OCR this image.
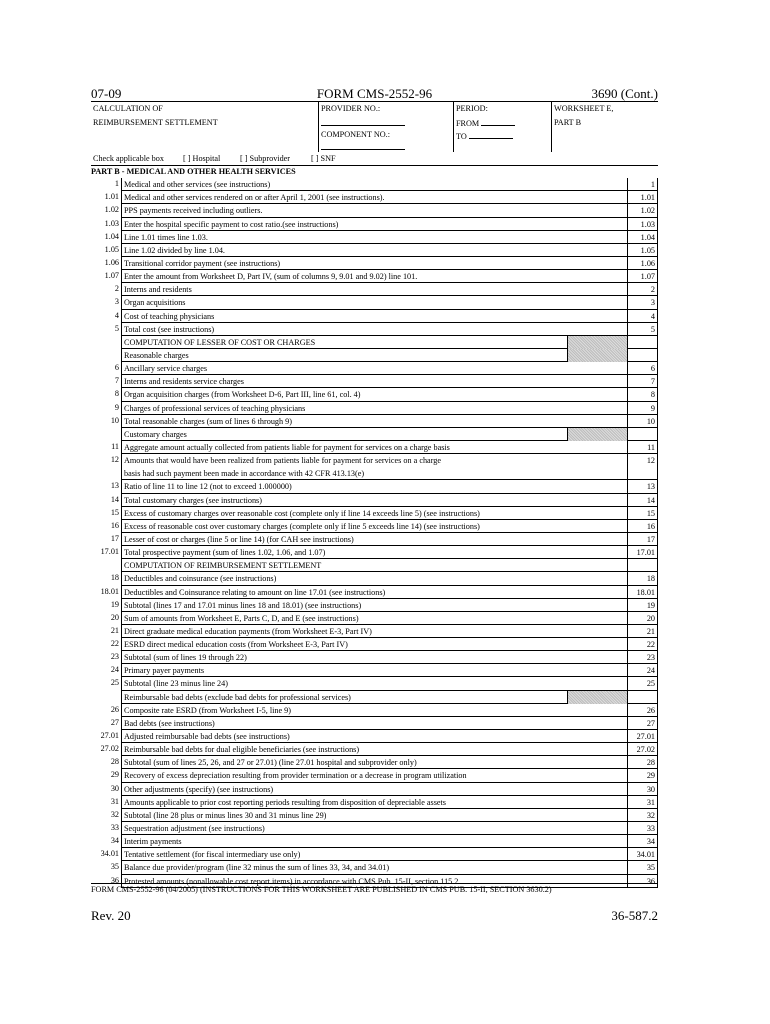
07-09	FORM CMS-2552-96	3690 (Cont.)
CALCULATION OF
REIMBURSEMENT SETTLEMENT
PROVIDER NO.:
COMPONENT NO.:
PERIOD:
FROM
TO
WORKSHEET E,
PART B
Check applicable box [ ] Hospital [ ] Subprovider	[ ] SNF
PART B - MEDICAL AND OTHER HEALTH SERVICES
1 Medical and other services (see instructions)	1
1.01 Medical and other services rendered on or after April 1, 2001 (see instructions).	1.01
1.02 PPS payments received including outliers.	1.02
1.03 Enter the hospital specific payment to cost ratio.(see instructions)	1.03
1.04 Line 1.01 times line 1.03.	1.04
1.05 Line 1.02 divided by line 1.04.	1.05
1.06 Transitional corridor payment (see instructions)	1.06
1.07 Enter the amount from Worksheet D, Part IV, (sum of columns 9, 9.01 and 9.02) line 101.	1.07
2 Interns and residents	2
3 Organ acquisitions	3
4 Cost of teaching physicians	4
5 Total cost (see instructions)	5
COMPUTATION OF LESSER OF COST OR CHARGES
Reasonable charges
6 Ancillary service charges	6
7 Interns and residents service charges	7
8 Organ acquisition charges (from Worksheet D-6, Part III, line 61, col. 4)	8
9 Charges of professional services of teaching physicians	9
10 Total reasonable charges (sum of lines 6 through 9)	10
Customary charges
11 Aggregate amount actually collected from patients liable for payment for services on a charge basis	11
12 Amounts that would have been realized from patients liable for payment for services on a charge	12
basis had such payment been made in accordance with 42 CFR 413.13(e)
13 Ratio of line 11 to line 12 (not to exceed 1.000000)	13
14 Total customary charges (see instructions)	14
15 Excess of customary charges over reasonable cost (complete only if line 14 exceeds line 5) (see instructions)	15
16 Excess of reasonable cost over customary charges (complete only if line 5 exceeds line 14) (see instructions)	16
17 Lesser of cost or charges (line 5 or line 14) (for CAH see instructions)	17
17.01 Total prospective payment (sum of lines 1.02, 1.06, and 1.07)	17.01
COMPUTATION OF REIMBURSEMENT SETTLEMENT
18 Deductibles and coinsurance (see instructions)	18
18.01 Deductibles and Coinsurance relating to amount on line 17.01 (see instructions)	18.01
19 Subtotal (lines 17 and 17.01 minus lines 18 and 18.01) (see instructions)	19
20 Sum of amounts from Worksheet E, Parts C, D, and E (see instructions)	20
21 Direct graduate medical education payments (from Worksheet E-3, Part IV)	21
22 ESRD direct medical education costs (from Worksheet E-3, Part IV)	22
23 Subtotal (sum of lines 19 through 22)	23
24 Primary payer payments	24
25 Subtotal (line 23 minus line 24)	25
Reimbursable bad debts (exclude bad debts for professional services)
26 Composite rate ESRD (from Worksheet I-5, line 9)	26
27 Bad debts (see instructions)	27
27.01 Adjusted reimbursable bad debts (see instructions)	27.01
27.02 Reimbursable bad debts for dual eligible beneficiaries (see instructions)	27.02
28 Subtotal (sum of lines 25, 26, and 27 or 27.01) (line 27.01 hospital and subprovider only)	28
29 Recovery of excess depreciation resulting from provider termination or a decrease in program utilization	29
30 Other adjustments (specify) (see instructions)	30
31 Amounts applicable to prior cost reporting periods resulting from disposition of depreciable assets	31
32 Subtotal (line 28 plus or minus lines 30 and 31 minus line 29)	32
33 Sequestration adjustment (see instructions)	33
34 Interim payments	34
34.01 Tentative settlement (for fiscal intermediary use only)	34.01
35 Balance due provider/program (line 32 minus the sum of lines 33, 34, and 34.01)	35
36 Protested amounts (nonallowable cost report items) in accordance with CMS Pub. 15-II, section 115.2	36
FORM CMS-2552-96 (04/2005) (INSTRUCTIONS FOR THIS WORKSHEET ARE PUBLISHED IN CMS PUB. 15-II, SECTION 3630.2)
Rev. 20	36-587.2
